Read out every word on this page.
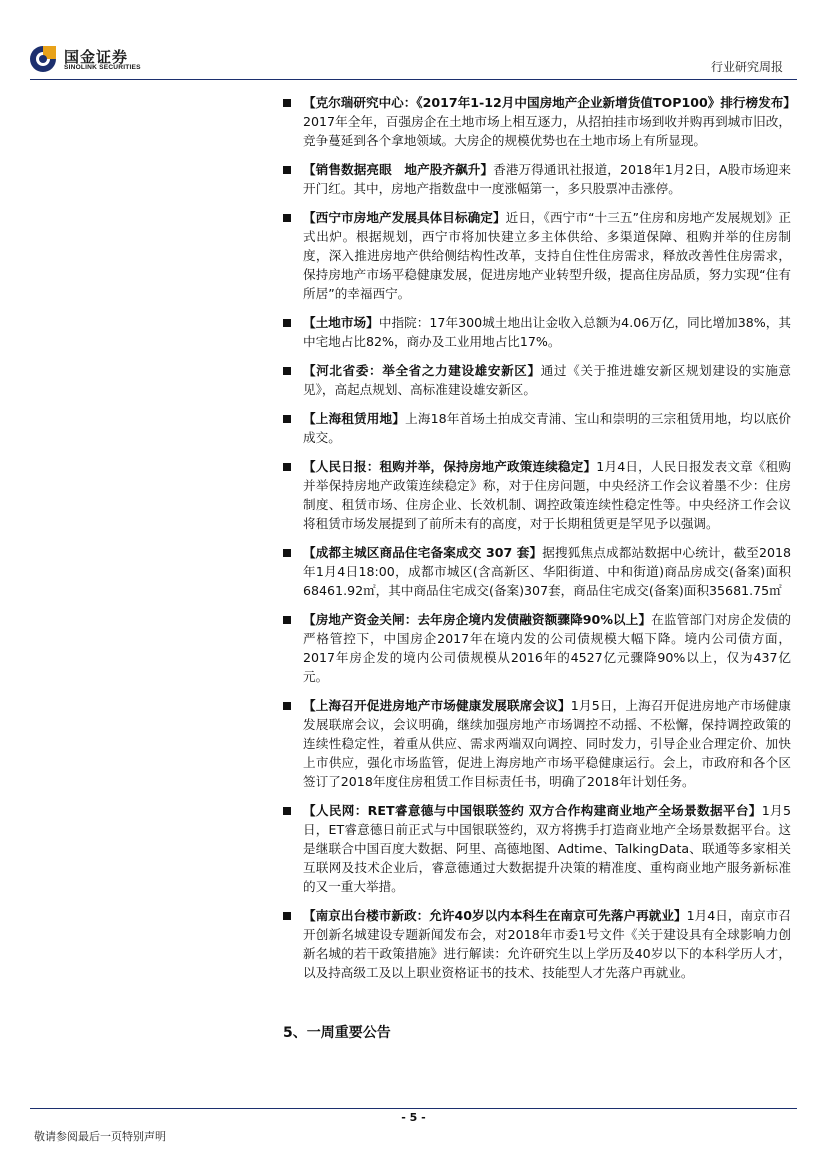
国金证券
SINOLINK SECURITIES	行业研究周报
【克尔瑞研究中心：《2017年1-12月中国房地产企业新增货值TOP100》排行榜发布】2017年全年，百强房企在土地市场上相互逐力，从招拍挂市场到收并购再到城市旧改，竞争蔓延到各个拿地领域。大房企的规模优势也在土地市场上有所显现。
【销售数据亮眼　地产股齐飙升】香港万得通讯社报道，2018年1月2日，A股市场迎来开门红。其中，房地产指数盘中一度涨幅第一，多只股票冲击涨停。
【西宁市房地产发展具体目标确定】近日，《西宁市“十三五”住房和房地产发展规划》正式出炉。根据规划，西宁市将加快建立多主体供给、多渠道保障、租购并举的住房制度，深入推进房地产供给侧结构性改革，支持自住性住房需求，释放改善性住房需求，保持房地产市场平稳健康发展，促进房地产业转型升级，提高住房品质，努力实现“住有所居”的幸福西宁。
【土地市场】中指院：17年300城土地出让金收入总额为4.06万亿，同比增加38%，其中宅地占比82%，商办及工业用地占比17%。
【河北省委：举全省之力建设雄安新区】通过《关于推进雄安新区规划建设的实施意见》，高起点规划、高标准建设雄安新区。
【上海租赁用地】上海18年首场土拍成交青浦、宝山和崇明的三宗租赁用地，均以底价成交。
【人民日报：租购并举，保持房地产政策连续稳定】1月4日，人民日报发表文章《租购并举保持房地产政策连续稳定》称，对于住房问题，中央经济工作会议着墨不少：住房制度、租赁市场、住房企业、长效机制、调控政策连续性稳定性等。中央经济工作会议将租赁市场发展提到了前所未有的高度，对于长期租赁更是罕见予以强调。
【成都主城区商品住宅备案成交 307 套】据搜狐焦点成都站数据中心统计，截至2018年1月4日18:00，成都市城区(含高新区、华阳街道、中和街道)商品房成交(备案)面积68461.92㎡，其中商品住宅成交(备案)307套，商品住宅成交(备案)面积35681.75㎡
【房地产资金关闸：去年房企境内发债融资额骤降90%以上】在监管部门对房企发债的严格管控下，中国房企2017年在境内发的公司债规模大幅下降。境内公司债方面，2017年房企发的境内公司债规模从2016年的4527亿元骤降90%以上，仅为437亿元。
【上海召开促进房地产市场健康发展联席会议】1月5日，上海召开促进房地产市场健康发展联席会议，会议明确，继续加强房地产市场调控不动摇、不松懈，保持调控政策的连续性稳定性，着重从供应、需求两端双向调控、同时发力，引导企业合理定价、加快上市供应，强化市场监管，促进上海房地产市场平稳健康运行。会上，市政府和各个区签订了2018年度住房租赁工作目标责任书，明确了2018年计划任务。
【人民网：RET睿意德与中国银联签约 双方合作构建商业地产全场景数据平台】1月5日，ET睿意德日前正式与中国银联签约，双方将携手打造商业地产全场景数据平台。这是继联合中国百度大数据、阿里、高德地图、Adtime、TalkingData、联通等多家相关互联网及技术企业后，睿意德通过大数据提升决策的精准度、重构商业地产服务新标准的又一重大举措。
【南京出台楼市新政：允许40岁以内本科生在南京可先落户再就业】1月4日，南京市召开创新名城建设专题新闻发布会，对2018年市委1号文件《关于建设具有全球影响力创新名城的若干政策措施》进行解读：允许研究生以上学历及40岁以下的本科学历人才，以及持高级工及以上职业资格证书的技术、技能型人才先落户再就业。
5、一周重要公告
- 5 -
敬请参阅最后一页特别声明
